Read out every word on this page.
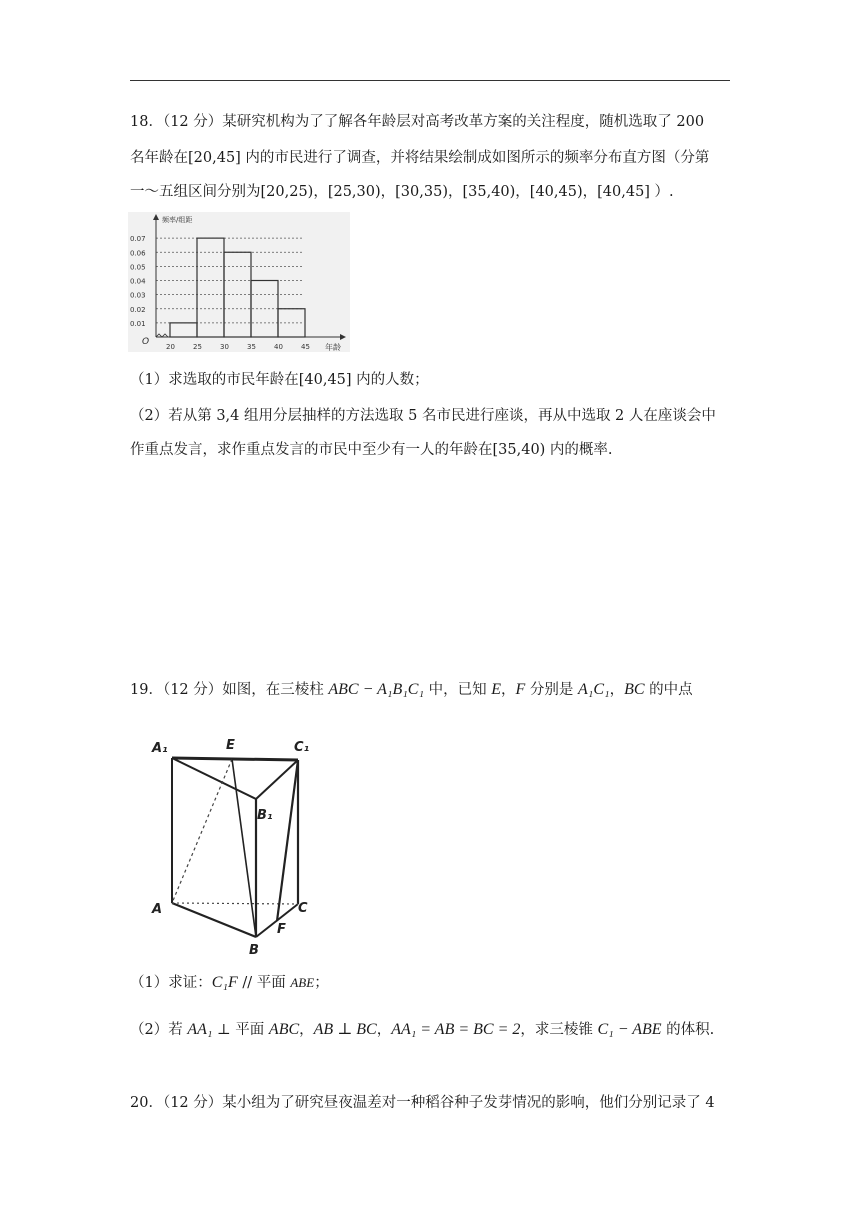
18．（12 分）某研究机构为了了解各年龄层对高考改革方案的关注程度，随机选取了 200
名年龄在[20,45] 内的市民进行了调查，并将结果绘制成如图所示的频率分布直方图（分第
一～五组区间分别为[20,25)，[25,30)，[30,35)，[35,40)，[40,45)，[40,45] ）.
频率/组距
年龄
O
0.07
0.06
0.05
0.04
0.03
0.02
0.01
20	25	30	35	40	45
（1）求选取的市民年龄在[40,45] 内的人数；
（2）若从第 3,4 组用分层抽样的方法选取 5 名市民进行座谈，再从中选取 2 人在座谈会中
作重点发言，求作重点发言的市民中至少有一人的年龄在[35,40) 内的概率.
19．（12 分）如图，在三棱柱 ABC − A₁B₁C₁ 中，已知 E，F 分别是 A₁C₁，BC 的中点
A₁	E	C₁
B₁
A	C
B
F
（1）求证：C₁F // 平面 ABE；
（2）若 AA₁ ⊥ 平面 ABC，AB ⊥ BC，AA₁ = AB = BC = 2，求三棱锥 C₁ − ABE 的体积.
20．（12 分）某小组为了研究昼夜温差对一种稻谷种子发芽情况的影响，他们分别记录了 4
